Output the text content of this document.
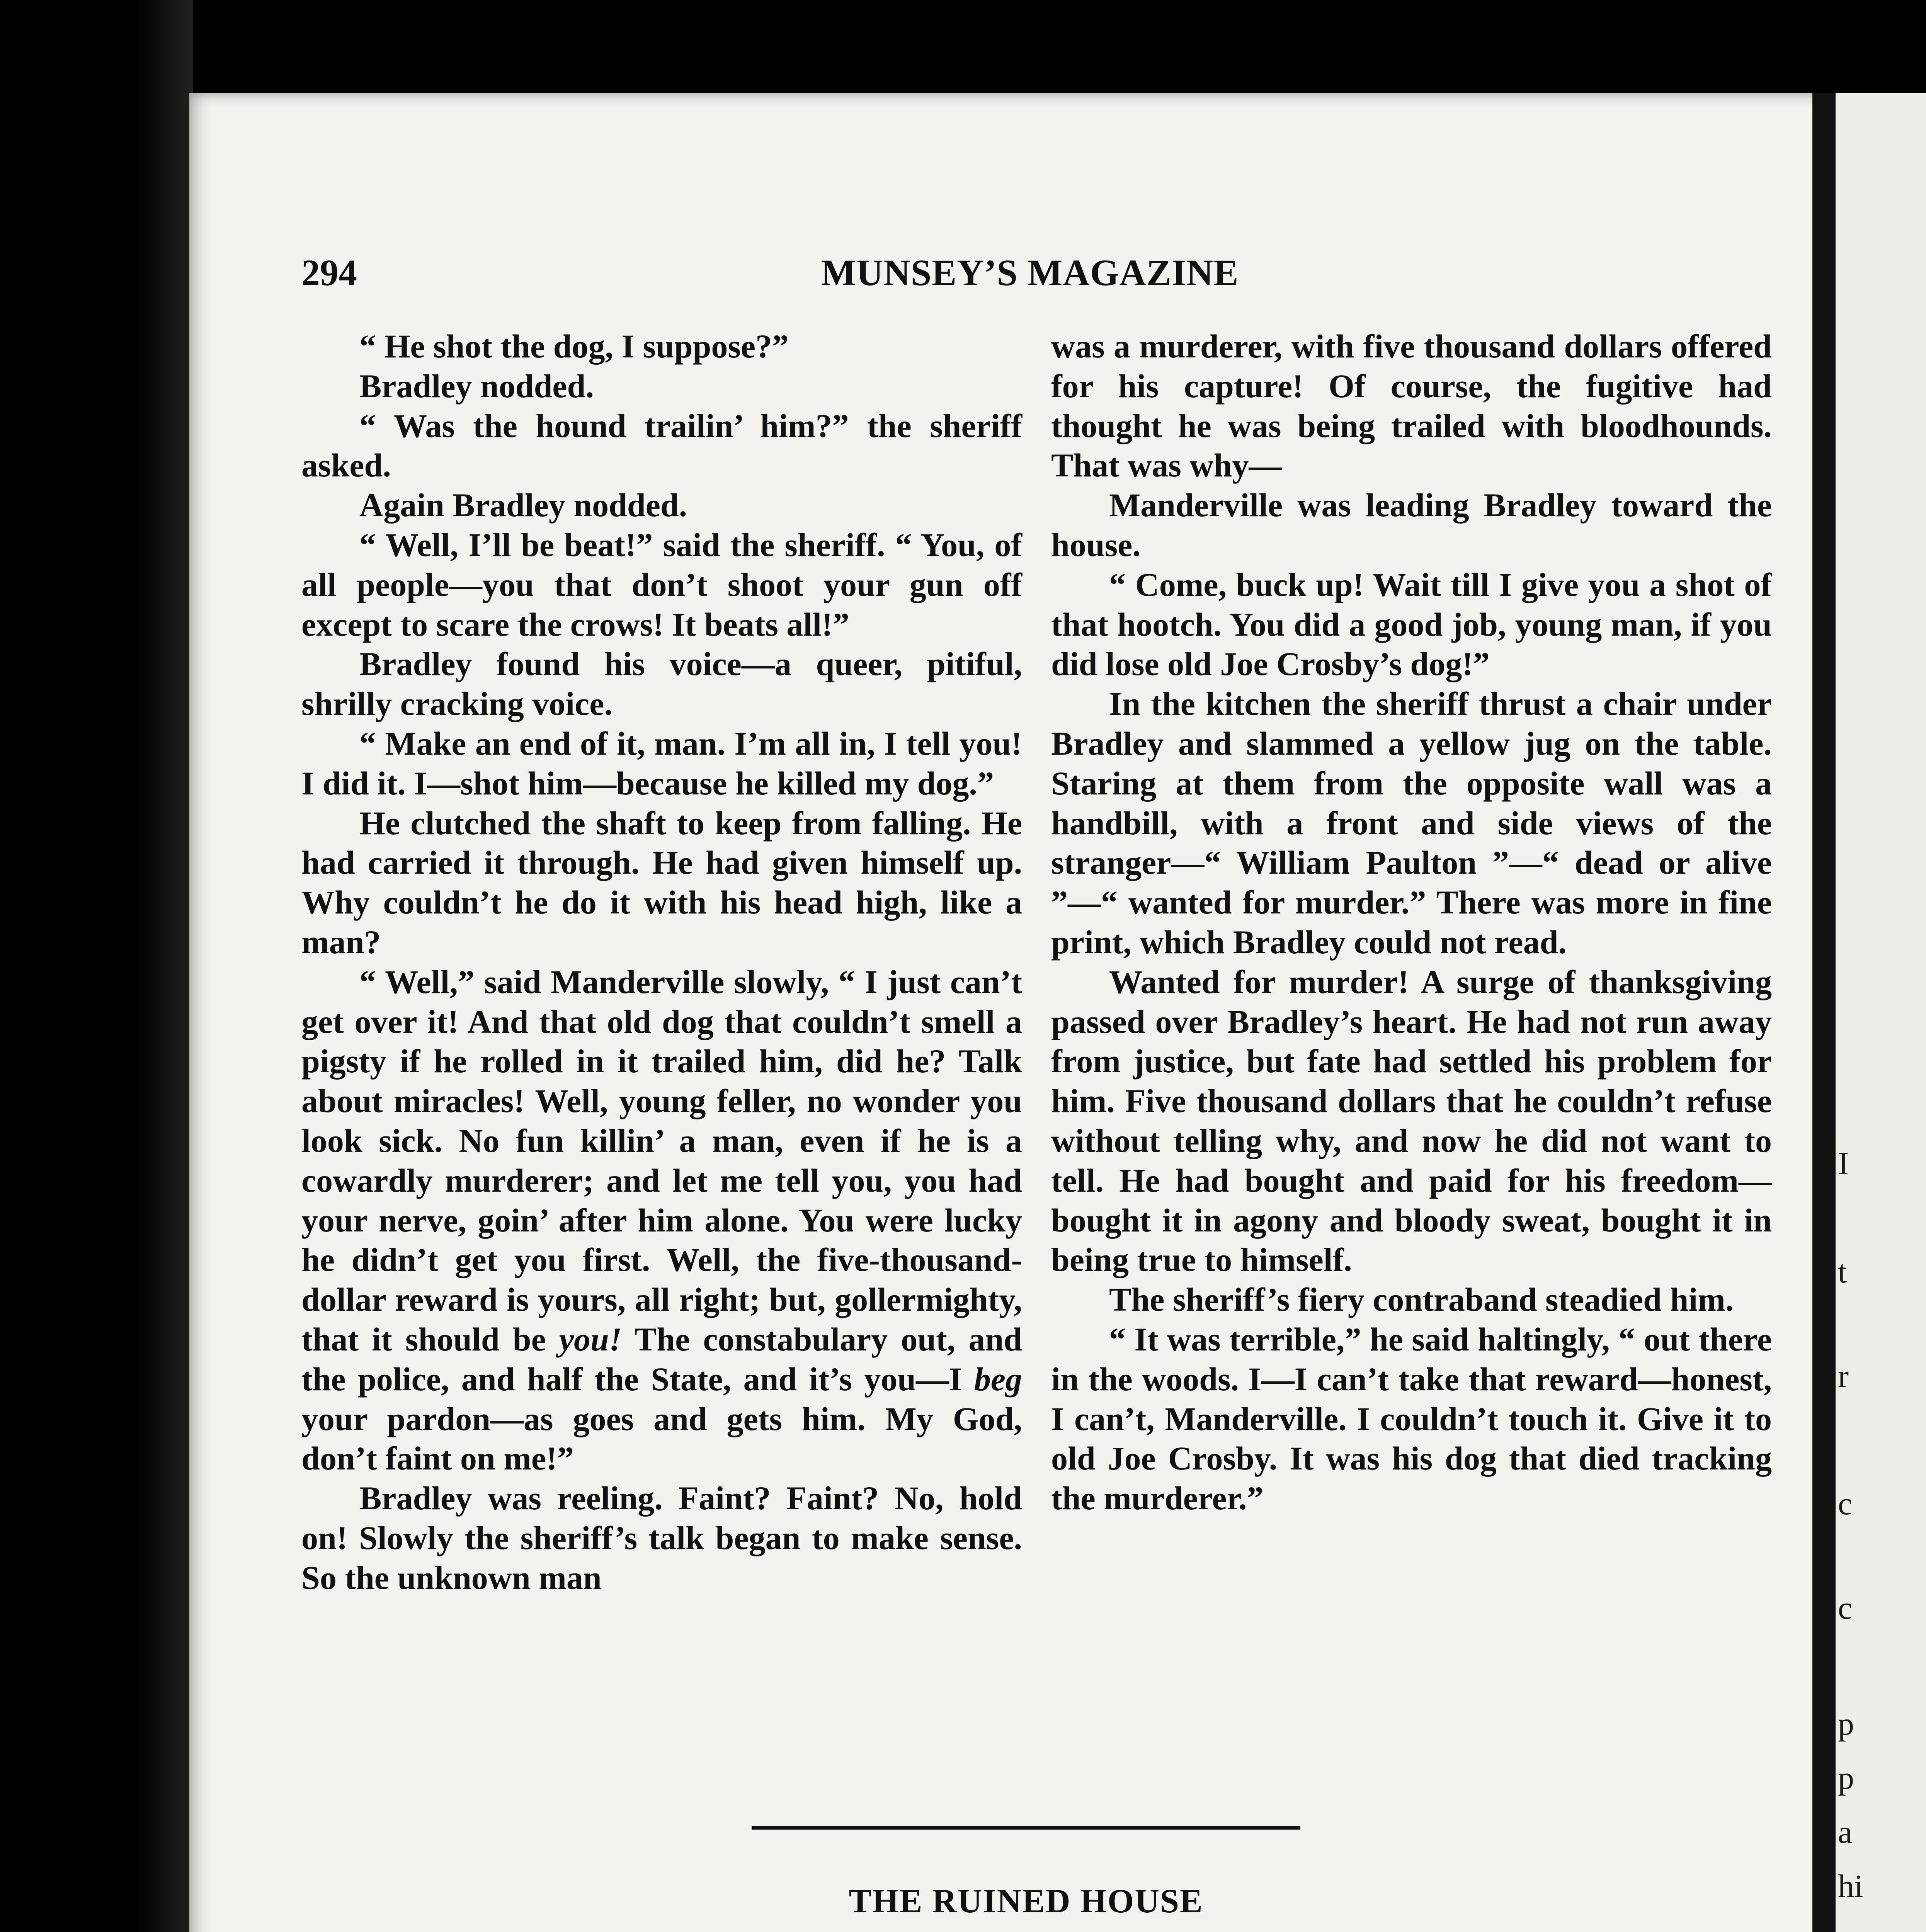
I
t
r
c
c
p
p
a
hi
294	MUNSEY’S MAGAZINE

“ He shot the dog, I suppose?”

Bradley nodded.

“ Was the hound trailin’ him?” the sheriff asked.

Again Bradley nodded.

“ Well, I’ll be beat!” said the sheriff. “ You, of all people—you that don’t shoot your gun off except to scare the crows! It beats all!”

Bradley found his voice—a queer, pitiful, shrilly cracking voice.

“ Make an end of it, man. I’m all in, I tell you! I did it. I—shot him—because he killed my dog.”

He clutched the shaft to keep from falling. He had carried it through. He had given himself up. Why couldn’t he do it with his head high, like a man?

“ Well,” said Manderville slowly, “ I just can’t get over it! And that old dog that couldn’t smell a pigsty if he rolled in it trailed him, did he? Talk about miracles! Well, young feller, no wonder you look sick. No fun killin’ a man, even if he is a cowardly murderer; and let me tell you, you had your nerve, goin’ after him alone. You were lucky he didn’t get you first. Well, the five-thousand-dollar reward is yours, all right; but, gollermighty, that it should be you! The constabulary out, and the police, and half the State, and it’s you—I beg your pardon—as goes and gets him. My God, don’t faint on me!”

Bradley was reeling. Faint? Faint? No, hold on! Slowly the sheriff’s talk began to make sense. So the unknown man

was a murderer, with five thousand dollars offered for his capture! Of course, the fugitive had thought he was being trailed with bloodhounds. That was why—

Manderville was leading Bradley toward the house.

“ Come, buck up! Wait till I give you a shot of that hootch. You did a good job, young man, if you did lose old Joe Crosby’s dog!”

In the kitchen the sheriff thrust a chair under Bradley and slammed a yellow jug on the table. Staring at them from the opposite wall was a handbill, with a front and side views of the stranger—“ William Paulton ”—“ dead or alive ”—“ wanted for murder.” There was more in fine print, which Bradley could not read.

Wanted for murder! A surge of thanksgiving passed over Bradley’s heart. He had not run away from justice, but fate had settled his problem for him. Five thousand dollars that he couldn’t refuse without telling why, and now he did not want to tell. He had bought and paid for his freedom—bought it in agony and bloody sweat, bought it in being true to himself.

The sheriff’s fiery contraband steadied him.

“ It was terrible,” he said haltingly, “ out there in the woods. I—I can’t take that reward—honest, I can’t, Manderville. I couldn’t touch it. Give it to old Joe Crosby. It was his dog that died tracking the murderer.”

THE RUINED HOUSE
